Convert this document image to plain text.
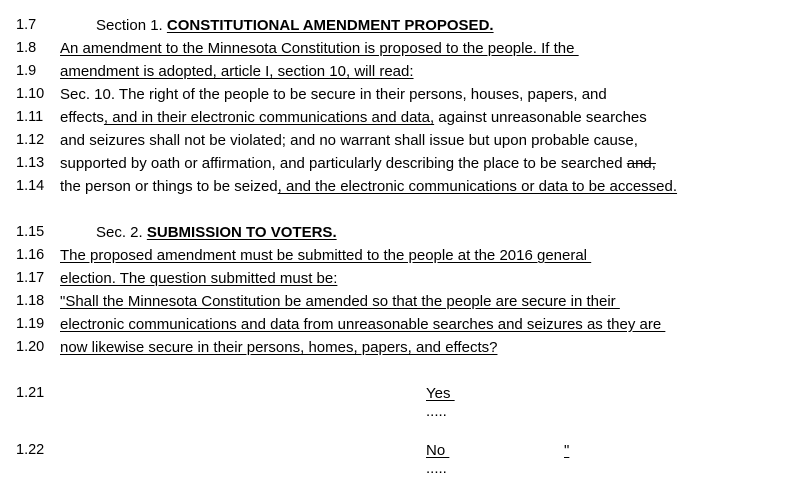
1.7	Section 1. CONSTITUTIONAL AMENDMENT PROPOSED.
1.8	An amendment to the Minnesota Constitution is proposed to the people. If the
1.9	amendment is adopted, article I, section 10, will read:
1.10	Sec. 10. The right of the people to be secure in their persons, houses, papers, and
1.11	effects, and in their electronic communications and data, against unreasonable searches
1.12	and seizures shall not be violated; and no warrant shall issue but upon probable cause,
1.13	supported by oath or affirmation, and particularly describing the place to be searched and,
1.14	the person or things to be seized, and the electronic communications or data to be accessed.
1.15	Sec. 2. SUBMISSION TO VOTERS.
1.16	The proposed amendment must be submitted to the people at the 2016 general
1.17	election. The question submitted must be:
1.18	"Shall the Minnesota Constitution be amended so that the people are secure in their
1.19	electronic communications and data from unreasonable searches and seizures as they are
1.20	now likewise secure in their persons, homes, papers, and effects?
1.21	Yes
.....
1.22	No	"
.....
